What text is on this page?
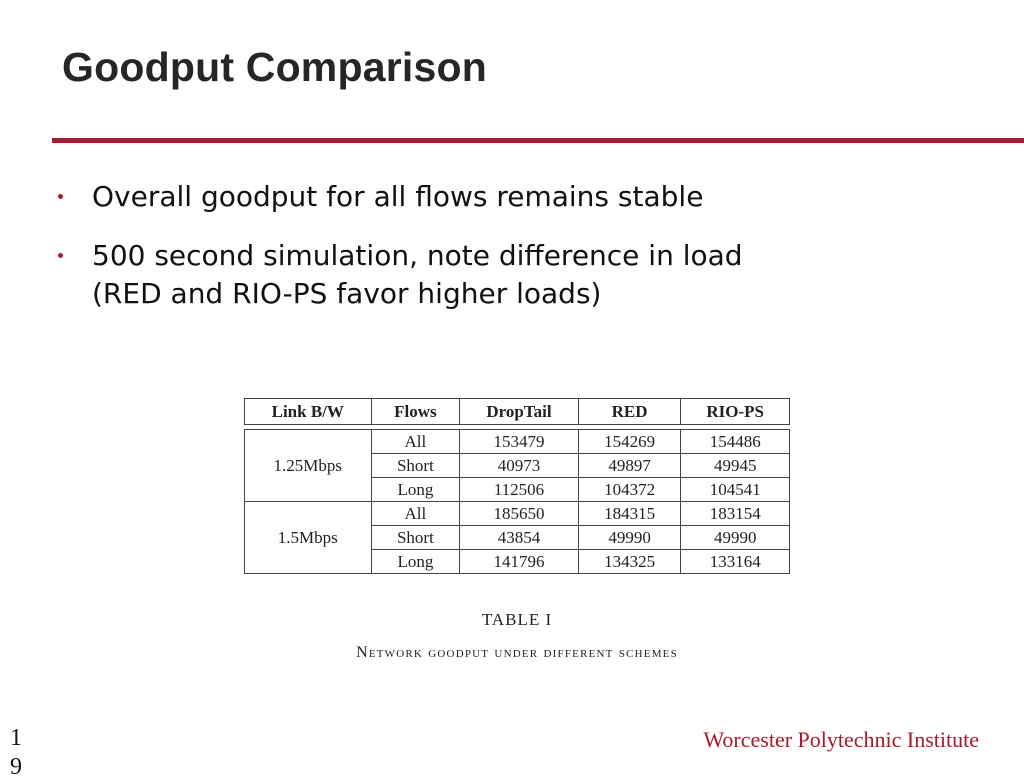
Goodput Comparison
Overall goodput for all flows remains stable
500 second simulation, note difference in load
(RED and RIO-PS favor higher loads)
Link B/W	Flows	DropTail	RED	RIO-PS

1.25Mbps	All	153479	154269	154486
	Short	40973	49897	49945
	Long	112506	104372	104541
1.5Mbps	All	185650	184315	183154
	Short	43854	49990	49990
	Long	141796	134325	133164
TABLE I
Network goodput under different schemes
19
Worcester Polytechnic Institute
